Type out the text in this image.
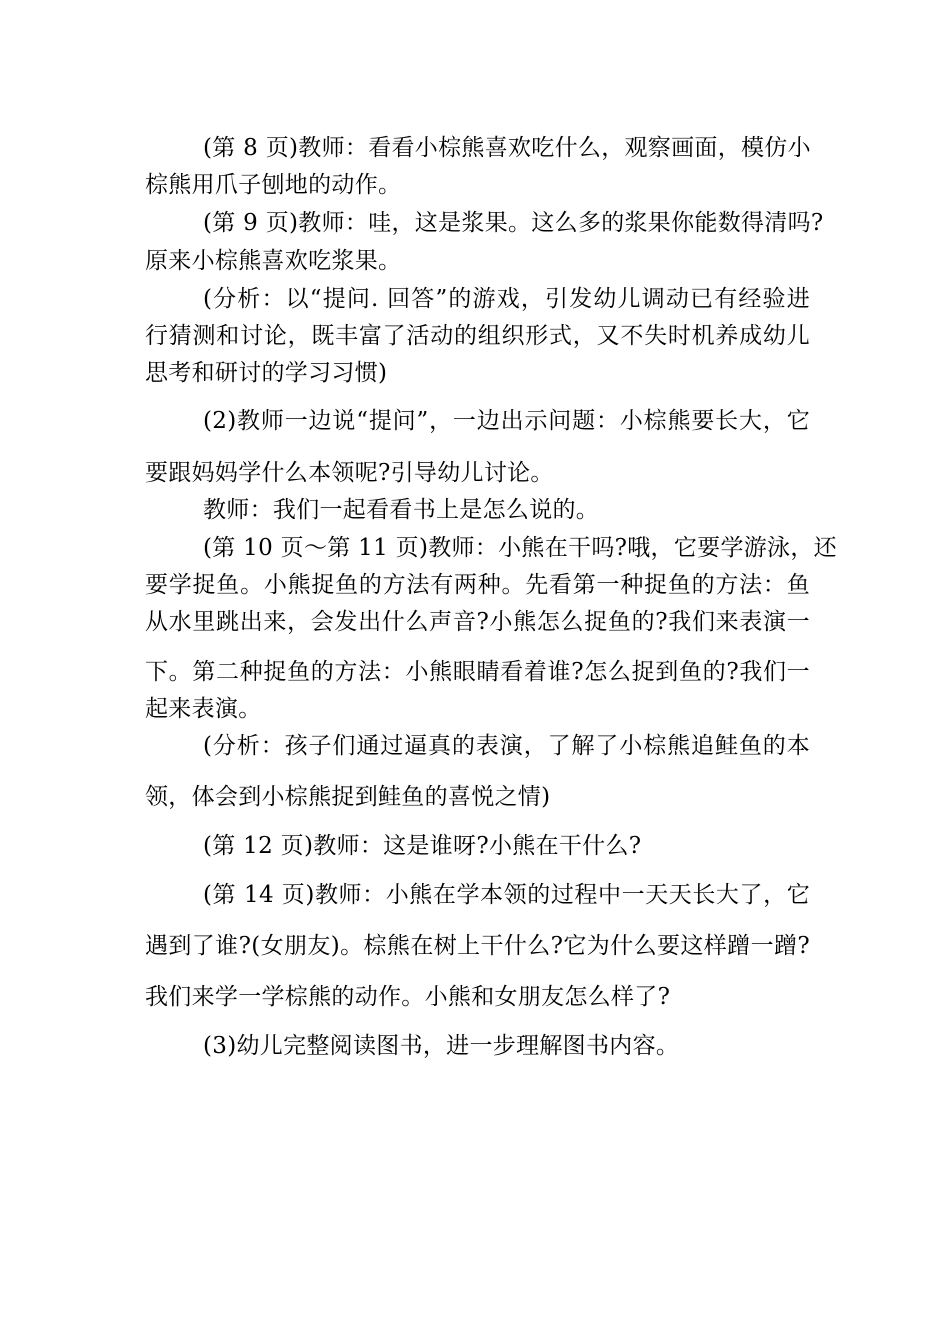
(第 8 页)教师：看看小棕熊喜欢吃什么，观察画面，模仿小
棕熊用爪子刨地的动作。
(第 9 页)教师：哇，这是浆果。这么多的浆果你能数得清吗?
原来小棕熊喜欢吃浆果。
(分析：以“提问. 回答”的游戏，引发幼儿调动已有经验进
行猜测和讨论，既丰富了活动的组织形式，又不失时机养成幼儿
思考和研讨的学习习惯)
(2)教师一边说“提问”，一边出示问题：小棕熊要长大，它
要跟妈妈学什么本领呢?引导幼儿讨论。
教师：我们一起看看书上是怎么说的。
(第 10 页～第 11 页)教师：小熊在干吗?哦，它要学游泳，还
要学捉鱼。小熊捉鱼的方法有两种。先看第一种捉鱼的方法：鱼
从水里跳出来，会发出什么声音?小熊怎么捉鱼的?我们来表演一
下。第二种捉鱼的方法：小熊眼睛看着谁?怎么捉到鱼的?我们一
起来表演。
(分析：孩子们通过逼真的表演，了解了小棕熊追鲑鱼的本
领，体会到小棕熊捉到鲑鱼的喜悦之情)
(第 12 页)教师：这是谁呀?小熊在干什么?
(第 14 页)教师：小熊在学本领的过程中一天天长大了，它
遇到了谁?(女朋友)。棕熊在树上干什么?它为什么要这样蹭一蹭?
我们来学一学棕熊的动作。小熊和女朋友怎么样了?
(3)幼儿完整阅读图书，进一步理解图书内容。
